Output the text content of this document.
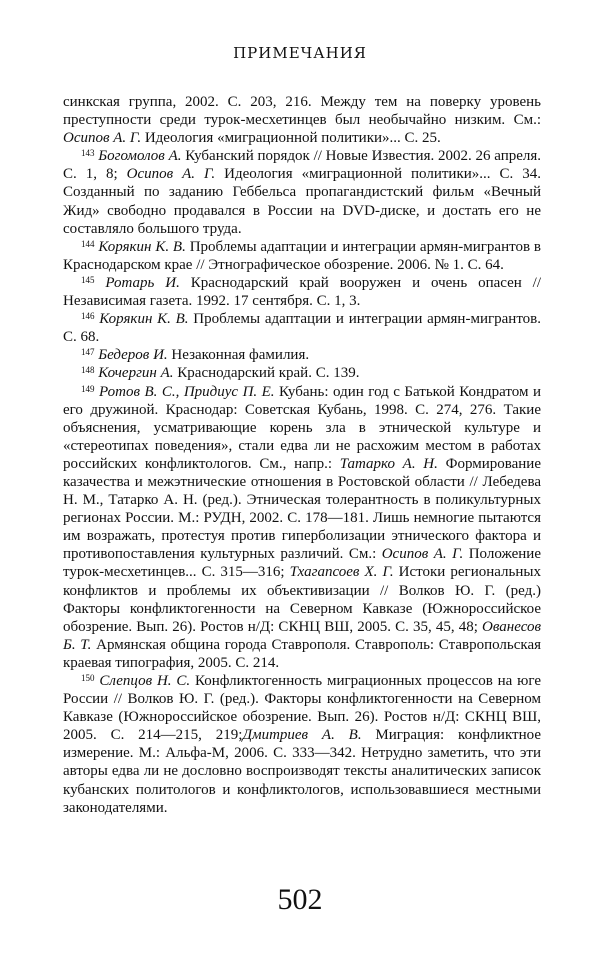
ПРИМЕЧАНИЯ

синкская группа, 2002. С. 203, 216. Между тем на поверку уровень преступности среди турок-месхетинцев был необычайно низким. См.: Осипов А. Г. Идеология «миграционной политики»... С. 25.

$^{143}$ Богомолов А. Кубанский порядок // Новые Известия. 2002. 26 апреля. С. 1, 8; Осипов А. Г. Идеология «миграционной политики»... С. 34. Созданный по заданию Геббельса пропагандистский фильм «Вечный Жид» свободно продавался в России на DVD-диске, и достать его не составляло большого труда.

$^{144}$ Корякин К. В. Проблемы адаптации и интеграции армян-мигрантов в Краснодарском крае // Этнографическое обозрение. 2006. № 1. С. 64.

$^{145}$ Ротарь И. Краснодарский край вооружен и очень опасен // Независимая газета. 1992. 17 сентября. С. 1, 3.

$^{146}$ Корякин К. В. Проблемы адаптации и интеграции армян-мигрантов. С. 68.

$^{147}$ Бедеров И. Незаконная фамилия.

$^{148}$ Кочергин А. Краснодарский край. С. 139.

$^{149}$ Ротов В. С., Придиус П. Е. Кубань: один год с Батькой Кондратом и его дружиной. Краснодар: Советская Кубань, 1998. С. 274, 276. Такие объяснения, усматривающие корень зла в этнической культуре и «стереотипах поведения», стали едва ли не расхожим местом в работах российских конфликтологов. См., напр.: Татарко А. Н. Формирование казачества и межэтнические отношения в Ростовской области // Лебедева Н. М., Татарко А. Н. (ред.). Этническая толерантность в поликультурных регионах России. М.: РУДН, 2002. С. 178—181. Лишь немногие пытаются им возражать, протестуя против гиперболизации этнического фактора и противопоставления культурных различий. См.: Осипов А. Г. Положение турок-месхетинцев... С. 315—316; Тхагапсоев Х. Г. Истоки региональных конфликтов и проблемы их объективизации // Волков Ю. Г. (ред.) Факторы конфликтогенности на Северном Кавказе (Южнороссийское обозрение. Вып. 26). Ростов н/Д: СКНЦ ВШ, 2005. С. 35, 45, 48; Ованесов Б. Т. Армянская община города Ставрополя. Ставрополь: Ставропольская краевая типография, 2005. С. 214.

$^{150}$ Слепцов Н. С. Конфликтогенность миграционных процессов на юге России // Волков Ю. Г. (ред.). Факторы конфликтогенности на Северном Кавказе (Южнороссийское обозрение. Вып. 26). Ростов н/Д: СКНЦ ВШ, 2005. С. 214—215, 219;Дмитриев А. В. Миграция: конфликтное измерение. М.: Альфа-М, 2006. С. 333—342. Нетрудно заметить, что эти авторы едва ли не дословно воспроизводят тексты аналитических записок кубанских политологов и конфликтологов, использовавшиеся местными законодателями.

502
